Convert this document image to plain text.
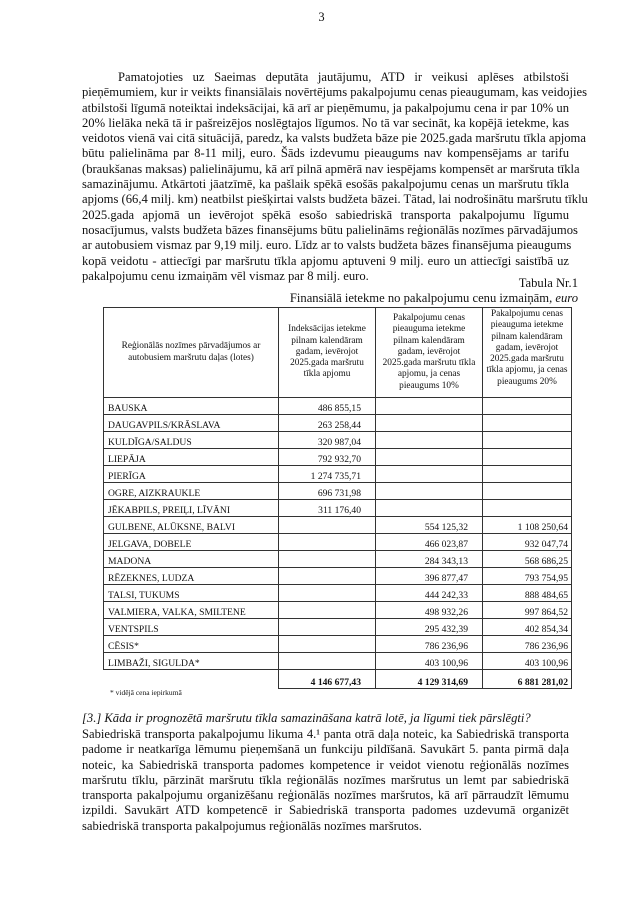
3
Pamatojoties uz Saeimas deputāta jautājumu, ATD ir veikusi aplēses atbilstoši
pieņēmumiem, kur ir veikts finansiālais novērtējums pakalpojumu cenas pieaugumam, kas veidojies
atbilstoši līgumā noteiktai indeksācijai, kā arī ar pieņēmumu, ja pakalpojumu cena ir par 10% un
20% lielāka nekā tā ir pašreizējos noslēgtajos līgumos. No tā var secināt, ka kopējā ietekme, kas
veidotos vienā vai citā situācijā, paredz, ka valsts budžeta bāze pie 2025.gada maršrutu tīkla apjoma
būtu palielināma par 8-11 milj, euro. Šāds izdevumu pieaugums nav kompensējams ar tarifu
(braukšanas maksas) palielinājumu, kā arī pilnā apmērā nav iespējams kompensēt ar maršruta tīkla
samazinājumu. Atkārtoti jāatzīmē, ka pašlaik spēkā esošās pakalpojumu cenas un maršrutu tīkla
apjoms (66,4 milj. km) neatbilst piešķirtai valsts budžeta bāzei. Tātad, lai nodrošinātu maršrutu tīklu
2025.gada apjomā un ievērojot spēkā esošo sabiedriskā transporta pakalpojumu līgumu
nosacījumus, valsts budžeta bāzes finansējums būtu palielināms reģionālās nozīmes pārvadājumos
ar autobusiem vismaz par 9,19 milj. euro. Līdz ar to valsts budžeta bāzes finansējuma pieaugums
kopā veidotu - attiecīgi par maršrutu tīkla apjomu aptuveni 9 milj. euro un attiecīgi saistībā uz
pakalpojumu cenu izmaiņām vēl vismaz par 8 milj. euro.
Tabula Nr.1
Finansiālā ietekme no pakalpojumu cenu izmaiņām, euro
Reģionālās nozīmes pārvadājumos ar autobusiem maršrutu daļas (lotes)	Indeksācijas ietekme pilnam kalendāram gadam, ievērojot 2025.gada maršrutu tīkla apjomu	Pakalpojumu cenas pieauguma ietekme pilnam kalendāram gadam, ievērojot 2025.gada maršrutu tīkla apjomu, ja cenas pieaugums 10%	Pakalpojumu cenas pieauguma ietekme pilnam kalendāram gadam, ievērojot 2025.gada maršrutu tīkla apjomu, ja cenas pieaugums 20%
BAUSKA	486 855,15		
DAUGAVPILS/KRĀSLAVA	263 258,44		
KULDĪGA/SALDUS	320 987,04		
LIEPĀJA	792 932,70		
PIERĪGA	1 274 735,71		
OGRE, AIZKRAUKLE	696 731,98		
JĒKABPILS, PREIĻI, LĪVĀNI	311 176,40		
GULBENE, ALŪKSNE, BALVI		554 125,32	1 108 250,64
JELGAVA, DOBELE		466 023,87	932 047,74
MADONA		284 343,13	568 686,25
RĒZEKNES, LUDZA		396 877,47	793 754,95
TALSI, TUKUMS		444 242,33	888 484,65
VALMIERA, VALKA, SMILTENE		498 932,26	997 864,52
VENTSPILS		295 432,39	402 854,34
CĒSIS*		786 236,96	786 236,96
LIMBAŽI, SIGULDA*		403 100,96	403 100,96
	4 146 677,43	4 129 314,69	6 881 281,02
* vidējā cena iepirkumā
[3.] Kāda ir prognozētā maršrutu tīkla samazināšana katrā lotē, ja līgumi tiek pārslēgti?
Sabiedriskā transporta pakalpojumu likuma 4.¹ panta otrā daļa noteic, ka Sabiedriskā transporta
padome ir neatkarīga lēmumu pieņemšanā un funkciju pildīšanā. Savukārt 5. panta pirmā daļa
noteic, ka Sabiedriskā transporta padomes kompetence ir veidot vienotu reģionālās nozīmes
maršrutu tīklu, pārzināt maršrutu tīkla reģionālās nozīmes maršrutus un lemt par sabiedriskā
transporta pakalpojumu organizēšanu reģionālās nozīmes maršrutos, kā arī pārraudzīt lēmumu
izpildi. Savukārt ATD kompetencē ir Sabiedriskā transporta padomes uzdevumā organizēt
sabiedriskā transporta pakalpojumus reģionālās nozīmes maršrutos.
